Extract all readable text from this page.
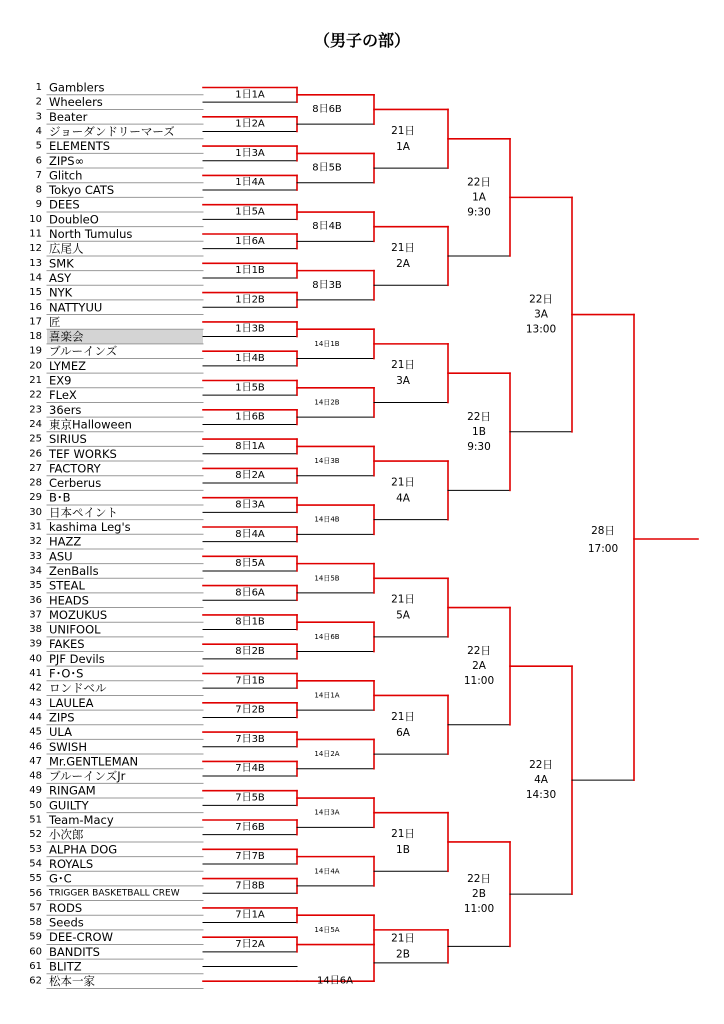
（男子の部）
1 Gamblers
2 Wheelers
3 Beater
4 ジョーダンドリーマーズ
5 ELEMENTS
6 ZIPS∞
7 Glitch
8 Tokyo CATS
9 DEES
10 DoubleO
11 North Tumulus
12 広尾人
13 SMK
14 ASY
15 NYK
16 NATTYUU
17 匠
18 喜楽会
19 ブルーインズ
20 LYMEZ
21 EX9
22 FLeX
23 36ers
24 東京Halloween
25 SIRIUS
26 TEF WORKS
27 FACTORY
28 Cerberus
29 B･B
30 日本ペイント
31 kashima Leg's
32 HAZZ
33 ASU
34 ZenBalls
35 STEAL
36 HEADS
37 MOZUKUS
38 UNIFOOL
39 FAKES
40 PJF Devils
41 F･O･S
42 ロンドベル
43 LAULEA
44 ZIPS
45 ULA
46 SWISH
47 Mr.GENTLEMAN
48 ブルーインズJr
49 RINGAM
50 GUILTY
51 Team-Macy
52 小次郎
53 ALPHA DOG
54 ROYALS
55 G･C
56 TRIGGER BASKETBALL CREW
57 RODS
58 Seeds
59 DEE-CROW
60 BANDITS
61 BLITZ
62 松本一家
1日1A
1日2A
1日3A
1日4A
1日5A
1日6A
1日1B
1日2B
1日3B
1日4B
1日5B
1日6B
8日1A
8日2A
8日3A
8日4A
8日5A
8日6A
8日1B
8日2B
7日1B
7日2B
7日3B
7日4B
7日5B
7日6B
7日7B
7日8B
7日1A
7日2A
8日6B
8日5B
8日4B
8日3B
14日1B
14日2B
14日3B
14日4B
14日5B
14日6B
14日1A
14日2A
14日3A
14日4A
14日5A
14日6A
21日
1A
21日
2A
21日
3A
21日
4A
21日
5A
21日
6A
21日
1B
21日
2B
22日
1A
9:30
22日
1B
9:30
22日
2A
11:00
22日
2B
11:00
22日
3A
13:00
22日
4A
14:30
28日
17:00
